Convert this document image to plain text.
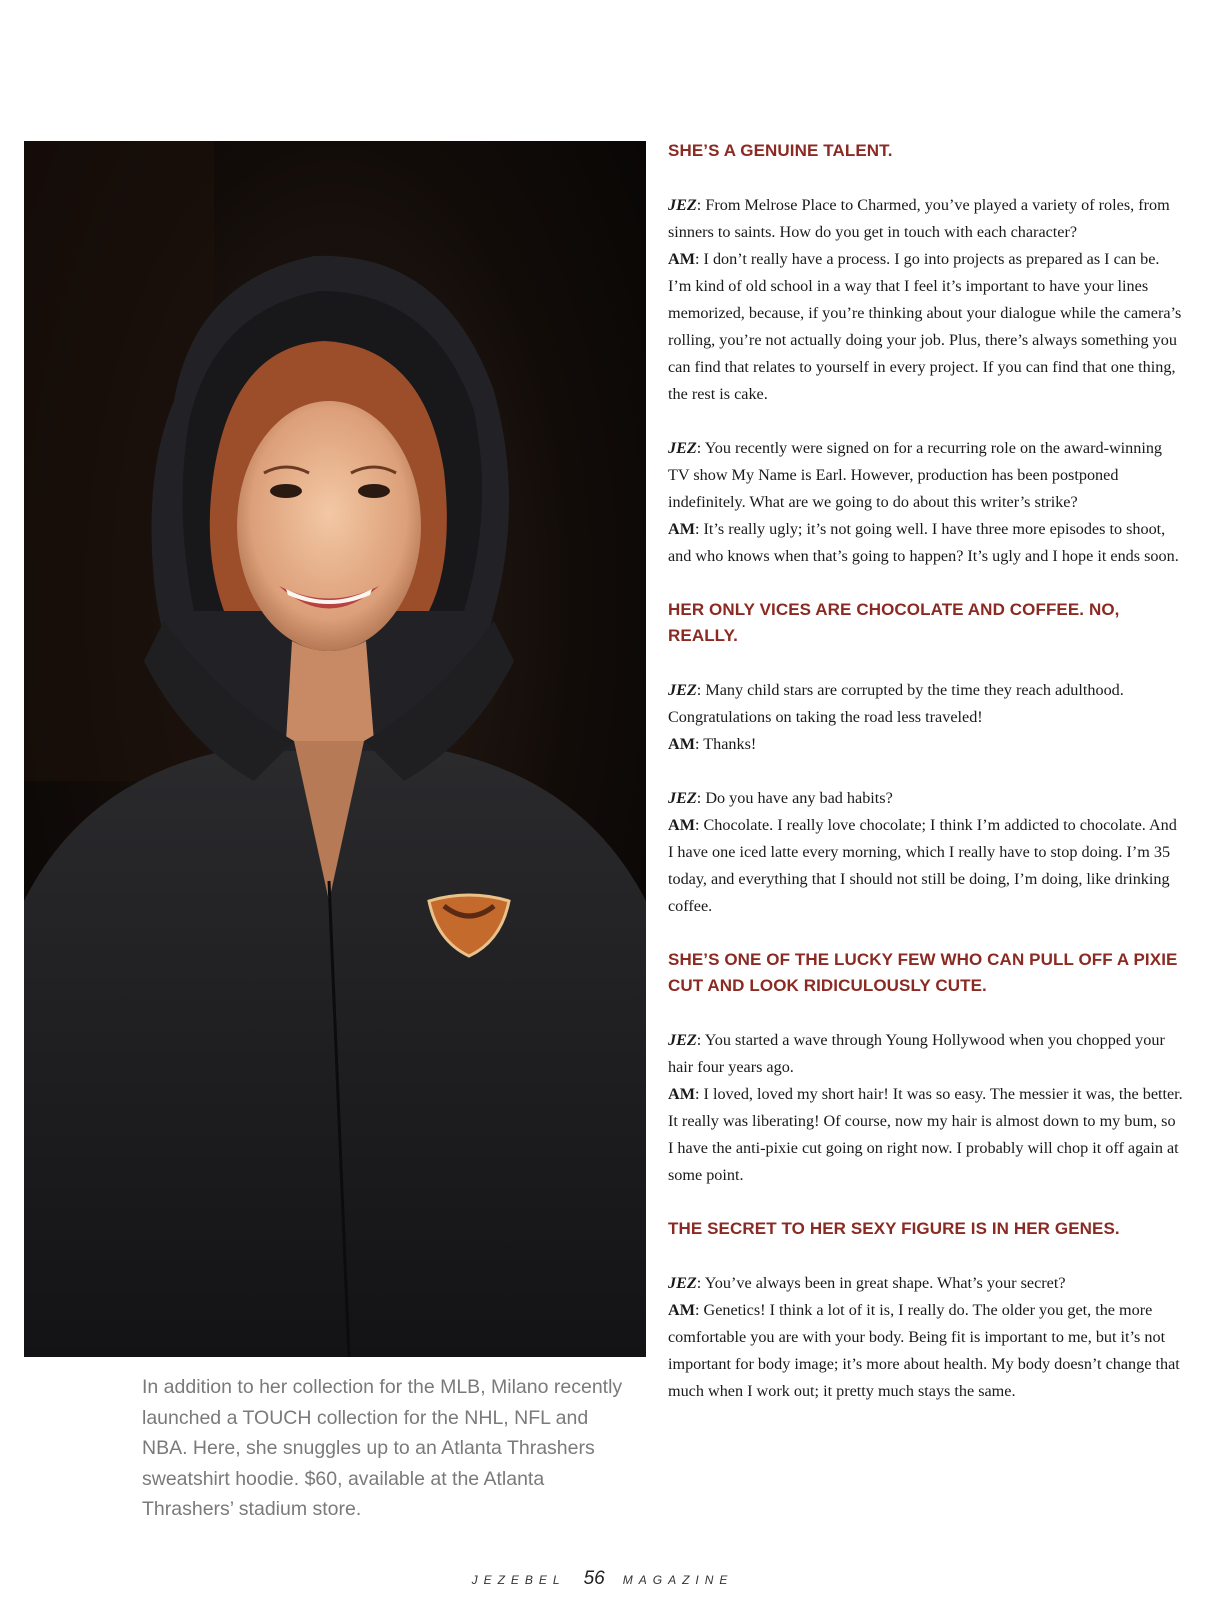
In addition to her collection for the MLB, Milano recently launched a TOUCH collection for the NHL, NFL and NBA. Here, she snuggles up to an Atlanta Thrashers sweatshirt hoodie. $60, available at the Atlanta Thrashers’ stadium store.
SHE’S A GENUINE TALENT.

JEZ: From Melrose Place to Charmed, you’ve played a variety of roles, from sinners to saints. How do you get in touch with each character?
AM: I don’t really have a process. I go into projects as prepared as I can be. I’m kind of old school in a way that I feel it’s important to have your lines memorized, because, if you’re thinking about your dialogue while the camera’s rolling, you’re not actually doing your job. Plus, there’s always something you can find that relates to yourself in every project. If you can find that one thing, the rest is cake.

JEZ: You recently were signed on for a recurring role on the award-winning TV show My Name is Earl. However, production has been postponed indefinitely. What are we going to do about this writer’s strike?
AM: It’s really ugly; it’s not going well. I have three more episodes to shoot, and who knows when that’s going to happen? It’s ugly and I hope it ends soon.

HER ONLY VICES ARE CHOCOLATE AND COFFEE. NO, REALLY.

JEZ: Many child stars are corrupted by the time they reach adulthood. Congratulations on taking the road less traveled!
AM: Thanks!

JEZ: Do you have any bad habits?
AM: Chocolate. I really love chocolate; I think I’m addicted to chocolate. And I have one iced latte every morning, which I really have to stop doing. I’m 35 today, and everything that I should not still be doing, I’m doing, like drinking coffee.

SHE’S ONE OF THE LUCKY FEW WHO CAN PULL OFF A PIXIE CUT AND LOOK RIDICULOUSLY CUTE.

JEZ: You started a wave through Young Hollywood when you chopped your hair four years ago.
AM: I loved, loved my short hair! It was so easy. The messier it was, the better. It really was liberating! Of course, now my hair is almost down to my bum, so I have the anti-pixie cut going on right now. I probably will chop it off again at some point.

THE SECRET TO HER SEXY FIGURE IS IN HER GENES.

JEZ: You’ve always been in great shape. What’s your secret?
AM: Genetics! I think a lot of it is, I really do. The older you get, the more comfortable you are with your body. Being fit is important to me, but it’s not important for body image; it’s more about health. My body doesn’t change that much when I work out; it pretty much stays the same.

JEZEBEL 56 MAGAZINE
